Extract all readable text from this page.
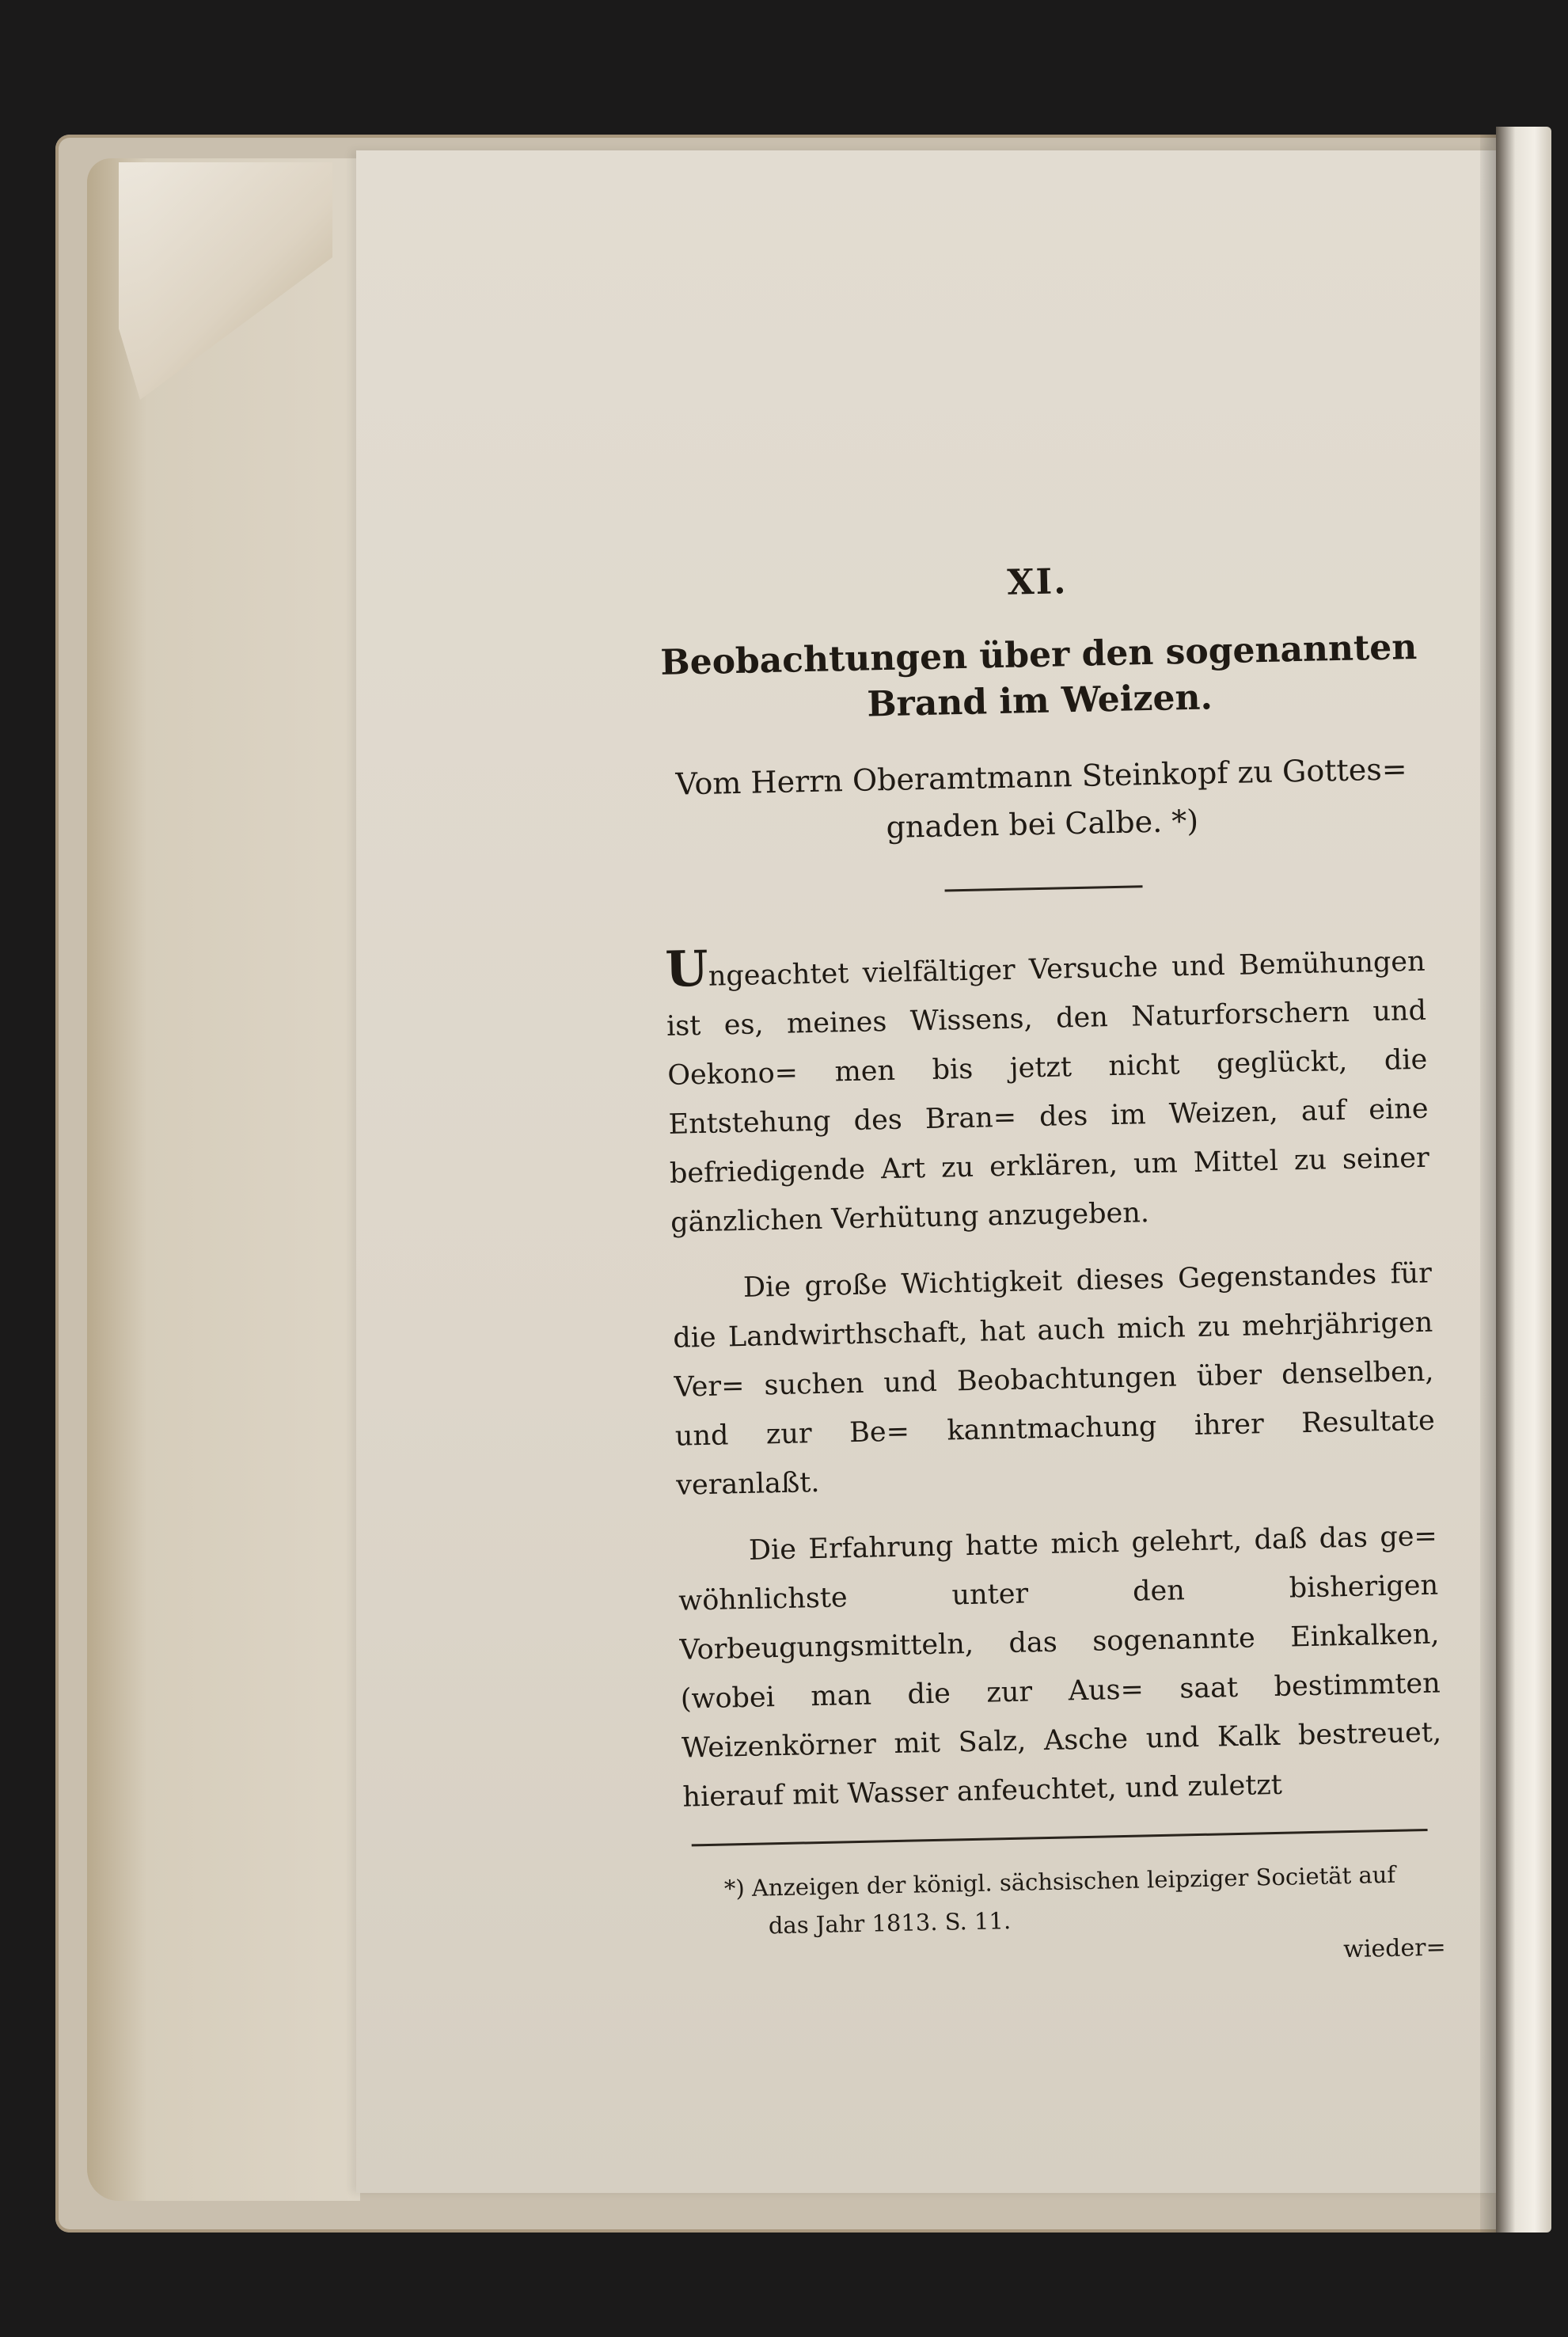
XI.

Beobachtungen über den sogenannten Brand im Weizen.

Vom Herrn Oberamtmann Steinkopf zu Gottes= gnaden bei Calbe. *)

Ungeachtet vielfältiger Versuche und Bemühungen ist es, meines Wissens, den Naturforschern und Oekono= men bis jetzt nicht geglückt, die Entstehung des Bran= des im Weizen, auf eine befriedigende Art zu erklären, um Mittel zu seiner gänzlichen Verhütung anzugeben.

Die große Wichtigkeit dieses Gegenstandes für die Landwirthschaft, hat auch mich zu mehrjährigen Ver= suchen und Beobachtungen über denselben, und zur Be= kanntmachung ihrer Resultate veranlaßt.

Die Erfahrung hatte mich gelehrt, daß das ge= wöhnlichste unter den bisherigen Vorbeugungsmitteln, das sogenannte Einkalken, (wobei man die zur Aus= saat bestimmten Weizenkörner mit Salz, Asche und Kalk bestreuet, hierauf mit Wasser anfeuchtet, und zuletzt

*) Anzeigen der königl. sächsischen leipziger Societät auf
das Jahr 1813. S. 11.

wieder=
